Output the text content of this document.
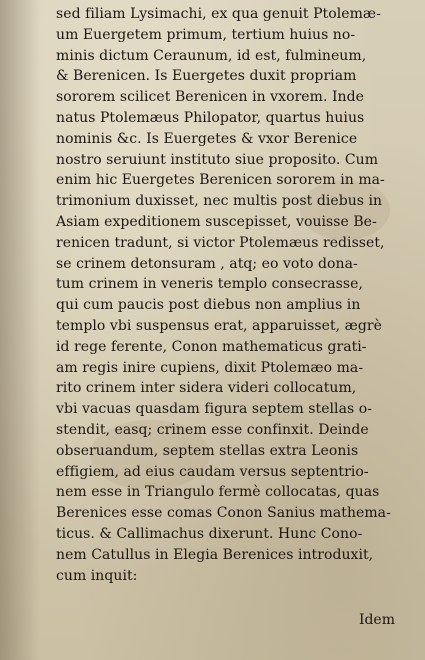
sed filiam Lysimachi, ex qua genuit Ptolemæ-
um Euergetem primum, tertium huius no-
minis dictum Ceraunum, id est, fulmineum,
& Berenicen. Is Euergetes duxit propriam
sororem scilicet Berenicen in vxorem. Inde
natus Ptolemæus Philopator, quartus huius
nominis &c. Is Euergetes & vxor Berenice
nostro seruiunt instituto siue proposito. Cum
enim hic Euergetes Berenicen sororem in ma-
trimonium duxisset, nec multis post diebus in
Asiam expeditionem suscepisset, vouisse Be-
renicen tradunt, si victor Ptolemæus redisset,
se crinem detonsuram , atq; eo voto dona-
tum crinem in veneris templo consecrasse,
qui cum paucis post diebus non amplius in
templo vbi suspensus erat, apparuisset, ægrè
id rege ferente, Conon mathematicus grati-
am regis inire cupiens, dixit Ptolemæo ma-
rito crinem inter sidera videri collocatum,
vbi vacuas quasdam figura septem stellas o-
stendit, easq; crinem esse confinxit. Deinde
obseruandum, septem stellas extra Leonis
effigiem, ad eius caudam versus septentrio-
nem esse in Triangulo fermè collocatas, quas
Berenices esse comas Conon Sanius mathema-
ticus. & Callimachus dixerunt. Hunc Cono-
nem Catullus in Elegia Berenices introduxit,
cum inquit:
Idem
